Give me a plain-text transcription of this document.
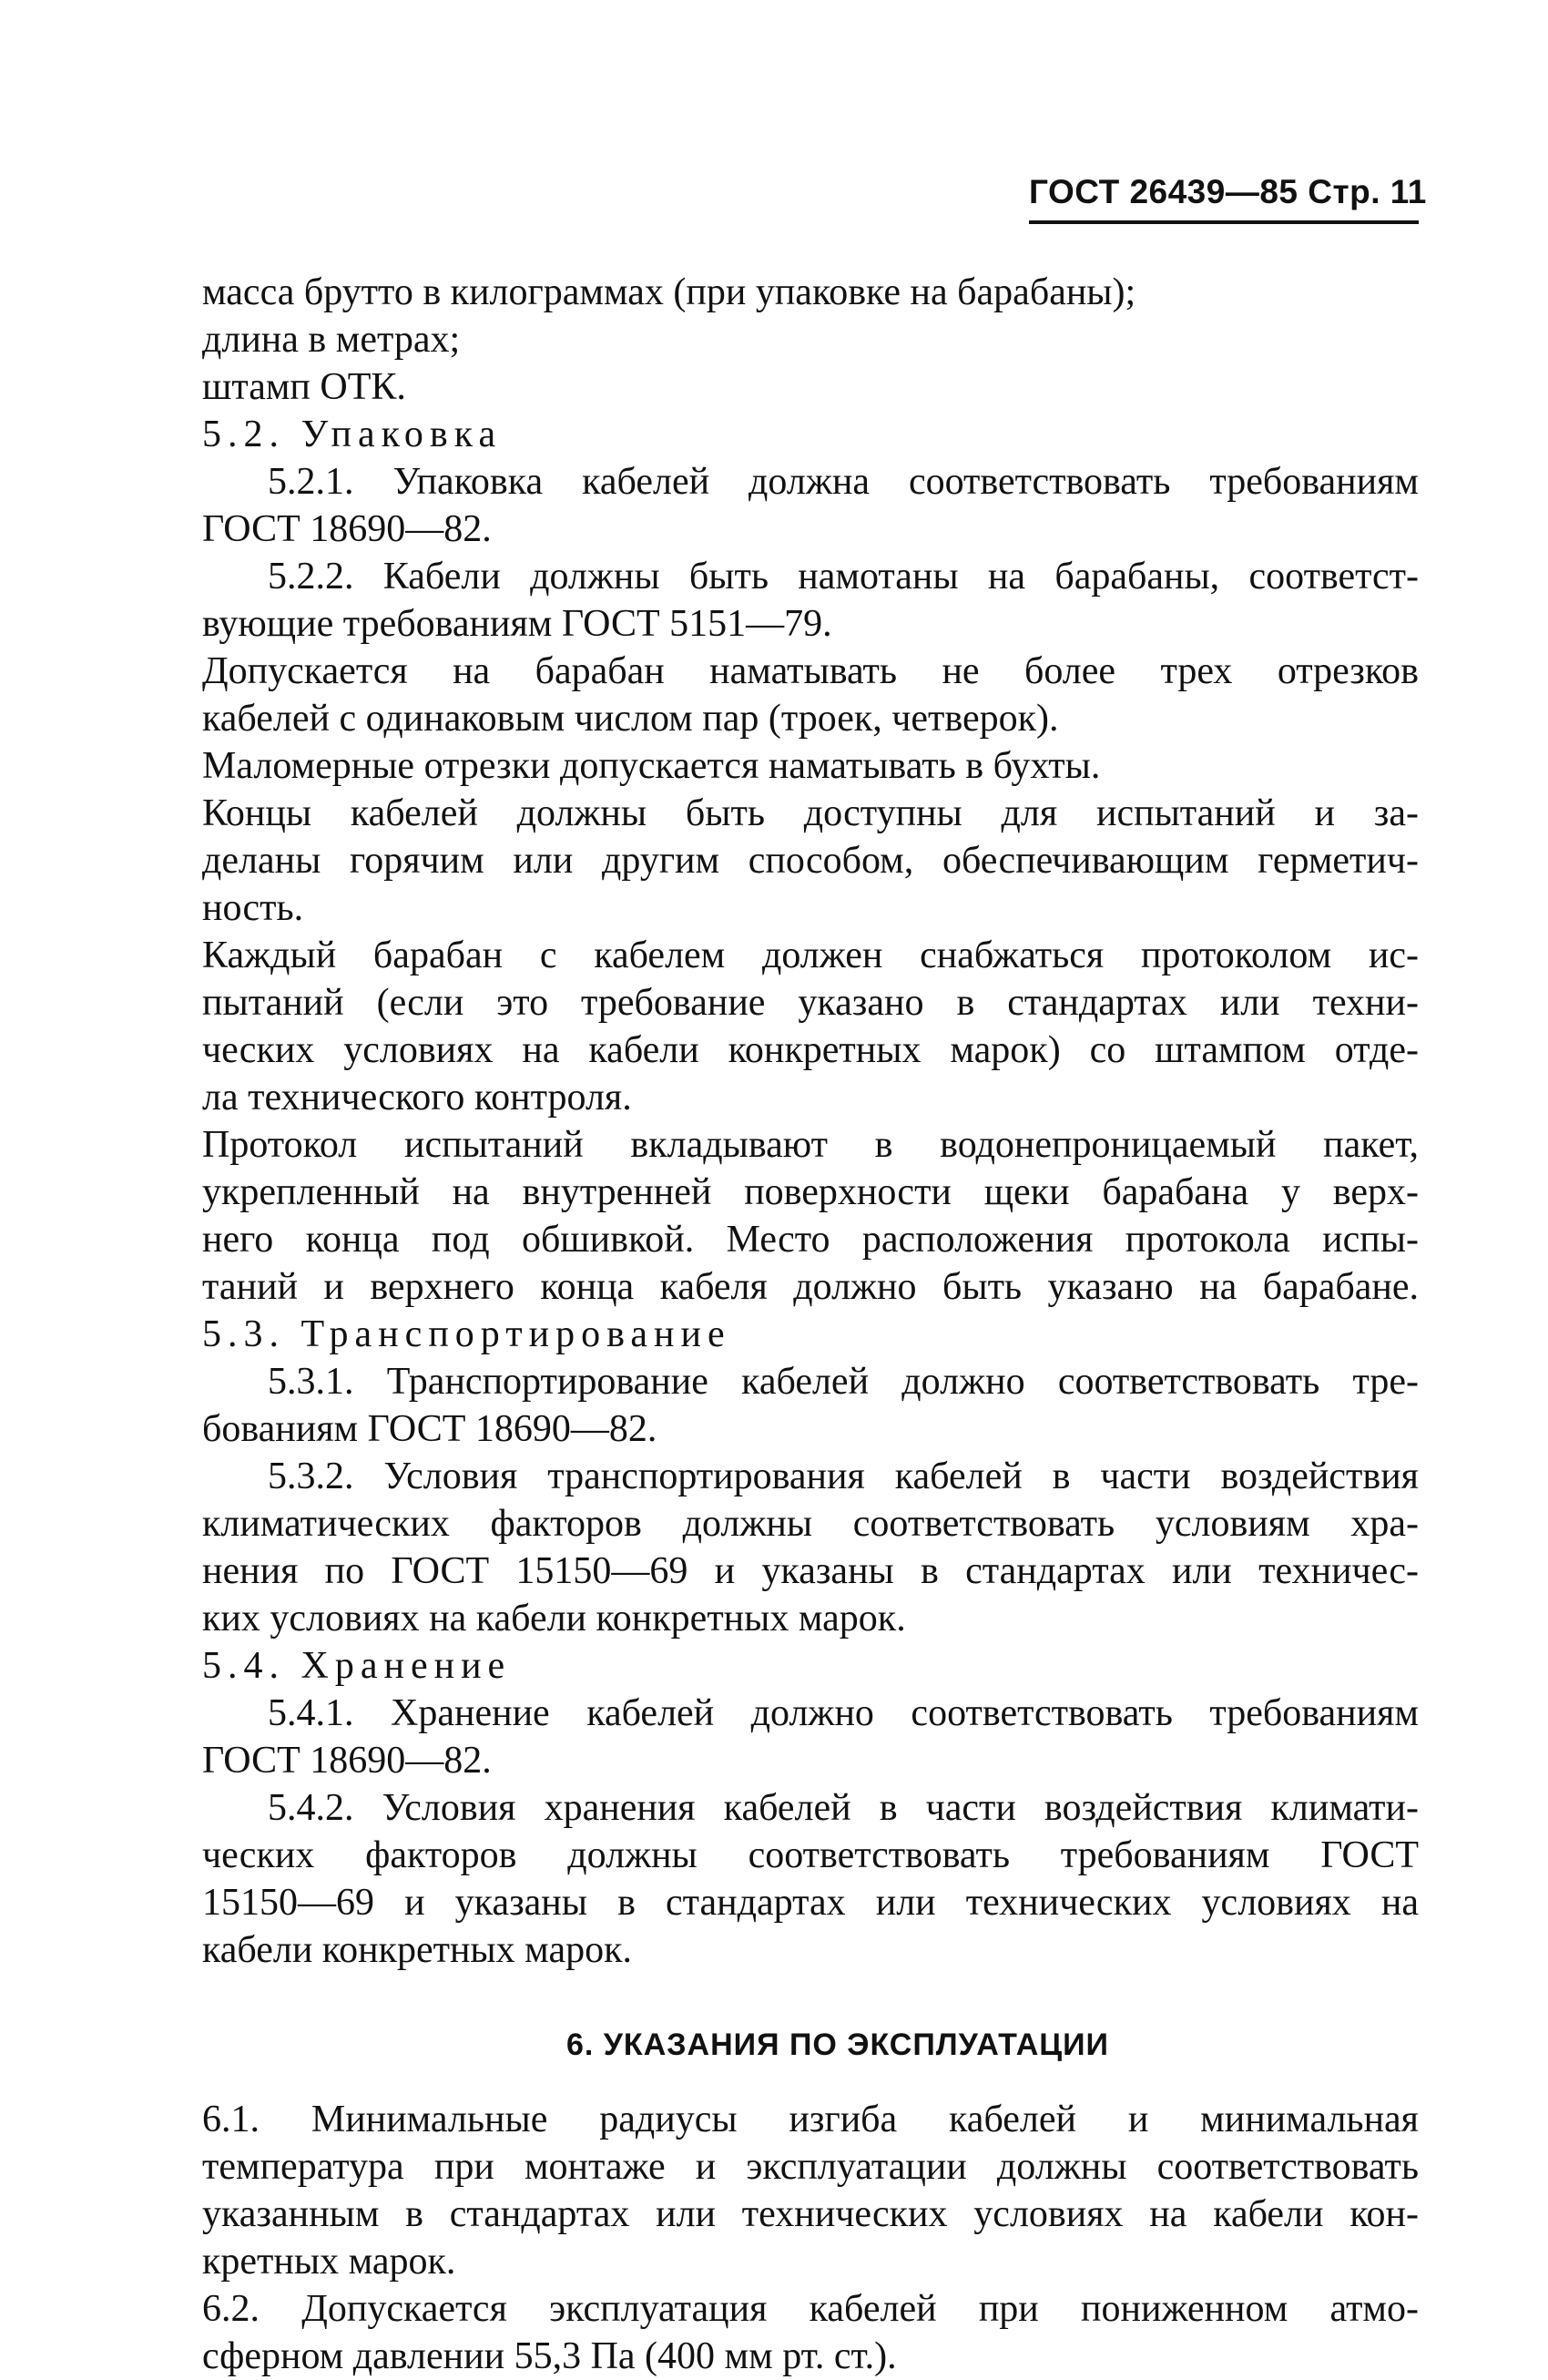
ГОСТ 26439—85 Стр. 11
масса брутто в килограммах (при упаковке на барабаны);
длина в метрах;
штамп ОТК.
5.2. Упаковка
5.2.1. Упаковка кабелей должна соответствовать требованиям
ГОСТ 18690—82.
5.2.2. Кабели должны быть намотаны на барабаны, соответст-
вующие требованиям ГОСТ 5151—79.
Допускается на барабан наматывать не более трех отрезков
кабелей с одинаковым числом пар (троек, четверок).
Маломерные отрезки допускается наматывать в бухты.
Концы кабелей должны быть доступны для испытаний и за-
деланы горячим или другим способом, обеспечивающим герметич-
ность.
Каждый барабан с кабелем должен снабжаться протоколом ис-
пытаний (если это требование указано в стандартах или техни-
ческих условиях на кабели конкретных марок) со штампом отде-
ла технического контроля.
Протокол испытаний вкладывают в водонепроницаемый пакет,
укрепленный на внутренней поверхности щеки барабана у верх-
него конца под обшивкой. Место расположения протокола испы-
таний и верхнего конца кабеля должно быть указано на барабане.
5.3. Транспортирование
5.3.1. Транспортирование кабелей должно соответствовать тре-
бованиям ГОСТ 18690—82.
5.3.2. Условия транспортирования кабелей в части воздействия
климатических факторов должны соответствовать условиям хра-
нения по ГОСТ 15150—69 и указаны в стандартах или техничес-
ких условиях на кабели конкретных марок.
5.4. Хранение
5.4.1. Хранение кабелей должно соответствовать требованиям
ГОСТ 18690—82.
5.4.2. Условия хранения кабелей в части воздействия климати-
ческих факторов должны соответствовать требованиям ГОСТ
15150—69 и указаны в стандартах или технических условиях на
кабели конкретных марок.
6. УКАЗАНИЯ ПО ЭКСПЛУАТАЦИИ
6.1. Минимальные радиусы изгиба кабелей и минимальная
температура при монтаже и эксплуатации должны соответствовать
указанным в стандартах или технических условиях на кабели кон-
кретных марок.
6.2. Допускается эксплуатация кабелей при пониженном атмо-
сферном давлении 55,3 Па (400 мм рт. ст.).
